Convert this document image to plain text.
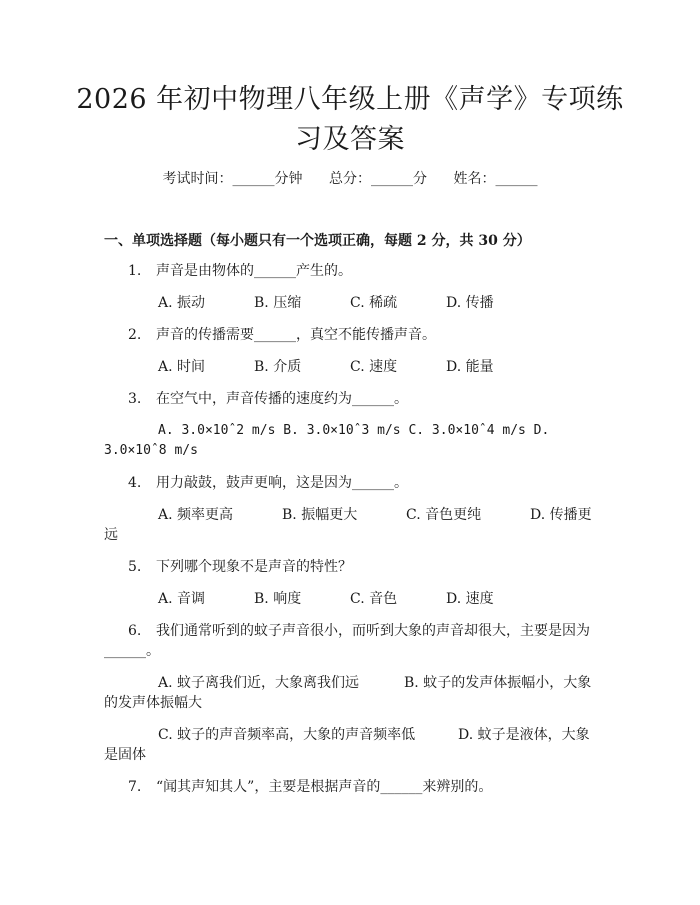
2026 年初中物理八年级上册《声学》专项练
习及答案
考试时间：______分钟 总分：______分 姓名：______
一、单项选择题（每小题只有一个选项正确，每题 2 分，共 30 分）
1. 声音是由物体的______产生的。
A. 振动	B. 压缩	C. 稀疏	D. 传播
2. 声音的传播需要______，真空不能传播声音。
A. 时间	B. 介质	C. 速度	D. 能量
3. 在空气中，声音传播的速度约为______。
A. 3.0×10ˆ2 m/s B. 3.0×10ˆ3 m/s C. 3.0×10ˆ4 m/s D.
3.0×10ˆ8 m/s
4. 用力敲鼓，鼓声更响，这是因为______。
A. 频率更高	B. 振幅更大	C. 音色更纯	D. 传播更
远
5. 下列哪个现象不是声音的特性？
A. 音调	B. 响度	C. 音色	D. 速度
6. 我们通常听到的蚊子声音很小，而听到大象的声音却很大，主要是因为
______。
A. 蚊子离我们近，大象离我们远	B. 蚊子的发声体振幅小，大象
的发声体振幅大
C. 蚊子的声音频率高，大象的声音频率低	D. 蚊子是液体，大象
是固体
7. “闻其声知其人”，主要是根据声音的______来辨别的。
